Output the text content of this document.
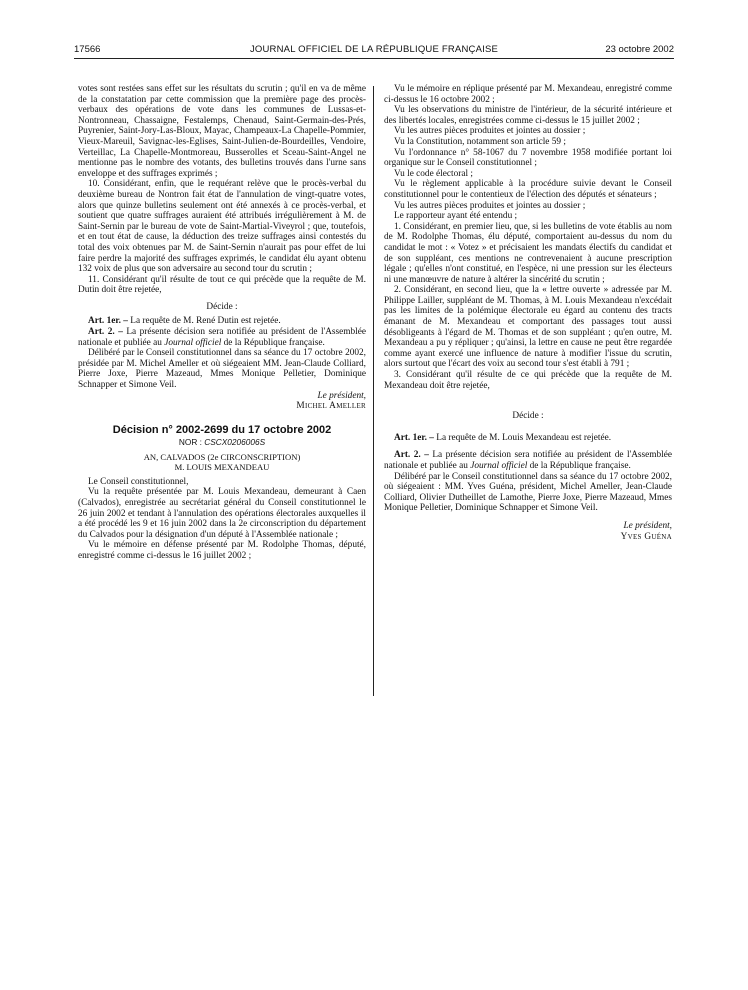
17566	JOURNAL OFFICIEL DE LA RÉPUBLIQUE FRANÇAISE	23 octobre 2002

votes sont restées sans effet sur les résultats du scrutin ; qu'il en va de même de la constatation par cette commission que la première page des procès-verbaux des opérations de vote dans les communes de Lussas-et-Nontronneau, Chassaigne, Festalemps, Chenaud, Saint-Germain-des-Prés, Puyrenier, Saint-Jory-Las-Bloux, Mayac, Champeaux-La Chapelle-Pommier, Vieux-Mareuil, Savignac-les-Eglises, Saint-Julien-de-Bourdeilles, Vendoire, Verteillac, La Chapelle-Montmoreau, Busserolles et Sceau-Saint-Angel ne mentionne pas le nombre des votants, des bulletins trouvés dans l'urne sans enveloppe et des suffrages exprimés ;

10. Considérant, enfin, que le requérant relève que le procès-verbal du deuxième bureau de Nontron fait état de l'annulation de vingt-quatre votes, alors que quinze bulletins seulement ont été annexés à ce procès-verbal, et soutient que quatre suffrages auraient été attribués irrégulièrement à M. de Saint-Sernin par le bureau de vote de Saint-Martial-Viveyrol ; que, toutefois, et en tout état de cause, la déduction des treize suffrages ainsi contestés du total des voix obtenues par M. de Saint-Sernin n'aurait pas pour effet de lui faire perdre la majorité des suffrages exprimés, le candidat élu ayant obtenu 132 voix de plus que son adversaire au second tour du scrutin ;

11. Considérant qu'il résulte de tout ce qui précède que la requête de M. Dutin doit être rejetée,

Décide :

Art. 1er. – La requête de M. René Dutin est rejetée.

Art. 2. – La présente décision sera notifiée au président de l'Assemblée nationale et publiée au Journal officiel de la République française.

Délibéré par le Conseil constitutionnel dans sa séance du 17 octobre 2002, présidée par M. Michel Ameller et où siégeaient MM. Jean-Claude Colliard, Pierre Joxe, Pierre Mazeaud, Mmes Monique Pelletier, Dominique Schnapper et Simone Veil.

Le président,

Michel Ameller

Décision n° 2002-2699 du 17 octobre 2002
NOR : CSCX0206006S
AN, CALVADOS (2e CIRCONSCRIPTION)
M. LOUIS MEXANDEAU

Le Conseil constitutionnel,

Vu la requête présentée par M. Louis Mexandeau, demeurant à Caen (Calvados), enregistrée au secrétariat général du Conseil constitutionnel le 26 juin 2002 et tendant à l'annulation des opérations électorales auxquelles il a été procédé les 9 et 16 juin 2002 dans la 2e circonscription du département du Calvados pour la désignation d'un député à l'Assemblée nationale ;

Vu le mémoire en défense présenté par M. Rodolphe Thomas, député, enregistré comme ci-dessus le 16 juillet 2002 ;

Vu le mémoire en réplique présenté par M. Mexandeau, enregistré comme ci-dessus le 16 octobre 2002 ;

Vu les observations du ministre de l'intérieur, de la sécurité intérieure et des libertés locales, enregistrées comme ci-dessus le 15 juillet 2002 ;

Vu les autres pièces produites et jointes au dossier ;

Vu la Constitution, notamment son article 59 ;

Vu l'ordonnance n° 58-1067 du 7 novembre 1958 modifiée portant loi organique sur le Conseil constitutionnel ;

Vu le code électoral ;

Vu le règlement applicable à la procédure suivie devant le Conseil constitutionnel pour le contentieux de l'élection des députés et sénateurs ;

Vu les autres pièces produites et jointes au dossier ;

Le rapporteur ayant été entendu ;

1. Considérant, en premier lieu, que, si les bulletins de vote établis au nom de M. Rodolphe Thomas, élu député, comportaient au-dessus du nom du candidat le mot : « Votez » et précisaient les mandats électifs du candidat et de son suppléant, ces mentions ne contrevenaient à aucune prescription légale ; qu'elles n'ont constitué, en l'espèce, ni une pression sur les électeurs ni une manœuvre de nature à altérer la sincérité du scrutin ;

2. Considérant, en second lieu, que la « lettre ouverte » adressée par M. Philippe Lailler, suppléant de M. Thomas, à M. Louis Mexandeau n'excédait pas les limites de la polémique électorale eu égard au contenu des tracts émanant de M. Mexandeau et comportant des passages tout aussi désobligeants à l'égard de M. Thomas et de son suppléant ; qu'en outre, M. Mexandeau a pu y répliquer ; qu'ainsi, la lettre en cause ne peut être regardée comme ayant exercé une influence de nature à modifier l'issue du scrutin, alors surtout que l'écart des voix au second tour s'est établi à 791 ;

3. Considérant qu'il résulte de ce qui précède que la requête de M. Mexandeau doit être rejetée,

Décide :

Art. 1er. – La requête de M. Louis Mexandeau est rejetée.

Art. 2. – La présente décision sera notifiée au président de l'Assemblée nationale et publiée au Journal officiel de la République française.

Délibéré par le Conseil constitutionnel dans sa séance du 17 octobre 2002, où siégeaient : MM. Yves Guéna, président, Michel Ameller, Jean-Claude Colliard, Olivier Dutheillet de Lamothe, Pierre Joxe, Pierre Mazeaud, Mmes Monique Pelletier, Dominique Schnapper et Simone Veil.

Le président,

Yves Guéna
